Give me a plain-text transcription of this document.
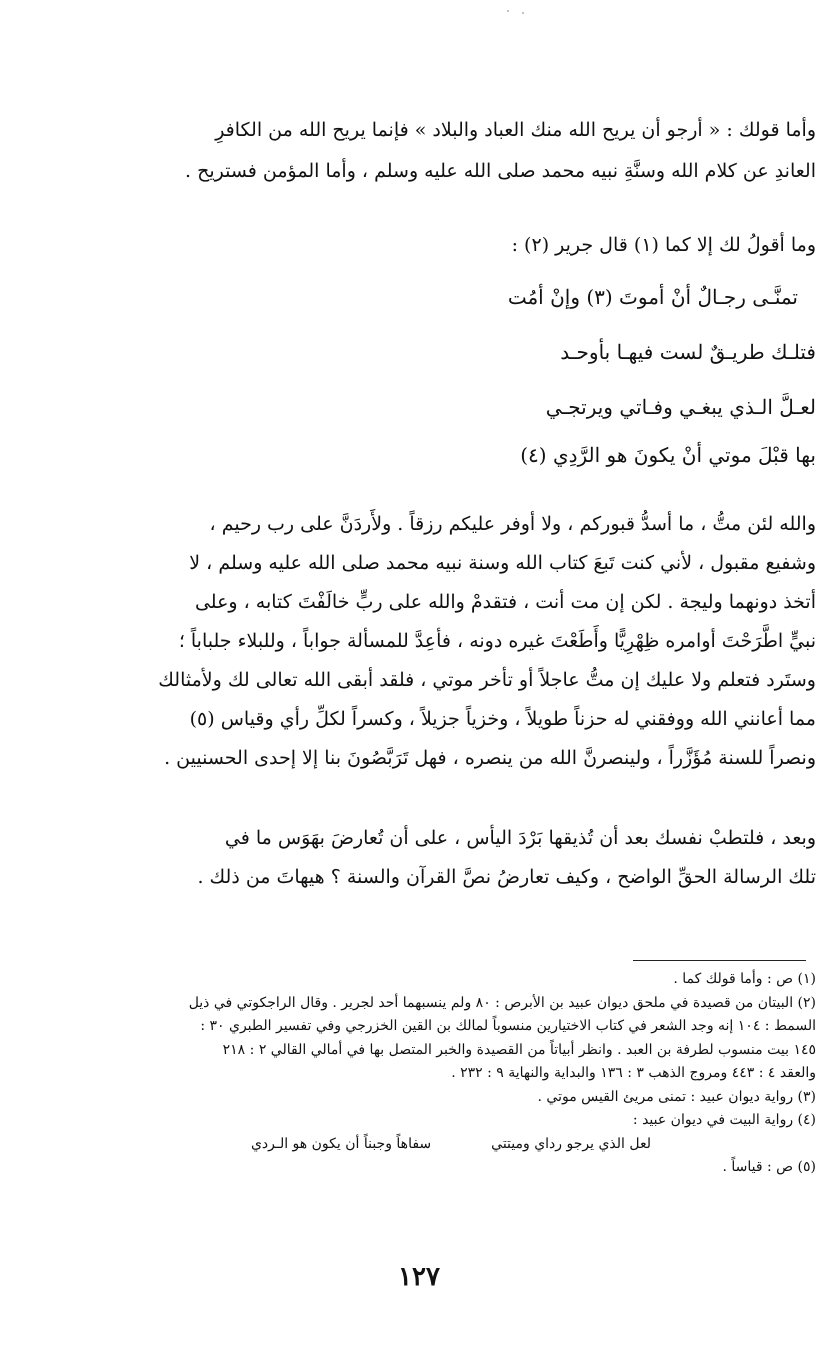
وأما قولك : « أرجو أن يريح الله منك العباد والبلاد » فإنما يريح الله من الكافرِ
العاندِ عن كلام الله وسنَّةِ نبيه محمد صلى الله عليه وسلم ، وأما المؤمن فستريح .

وما أقولُ لك إلا كما (١) قال جرير (٢) :

تمنَّـى رجـالٌ أنْ أموتَ (٣) وإنْ أمُت

فتلـك طريـقٌ لست فيهـا بأوحـد

لعـلَّ الـذي يبغـي وفـاتي ويرتجـي

بها قبْلَ موتي أنْ يكونَ هو الرَّدِي (٤)

والله لئن متُّ ، ما أسدُّ قبوركم ، ولا أوفر عليكم رزقاً . ولأَردَنَّ على رب رحيم ،
وشفيع مقبول ، لأني كنت تَبعَ كتاب الله وسنة نبيه محمد صلى الله عليه وسلم ، لا
أتخذ دونهما وليجة . لكن إن مت أنت ، فتقدمْ والله على ربٍّ خالَفْتَ كتابه ، وعلى
نبيٍّ اطَّرَحْتَ أوامره ظِهْرِيًّا وأَطَعْتَ غيره دونه ، فأعِدَّ للمسألة جواباً ، وللبلاء جلباباً ؛
وستَرد فتعلم ولا عليك إن متُّ عاجلاً أو تأخر موتي ، فلقد أبقى الله تعالى لك ولأمثالك
مما أعانني الله ووفقني له حزناً طويلاً ، وخزياً جزيلاً ، وكسراً لكلِّ رأي وقياس (٥)
ونصراً للسنة مُؤَزَّراً ، ولينصرنَّ الله من ينصره ، فهل تَرَبَّصُونَ بنا إلا إحدى الحسنيين .

وبعد ، فلتطبْ نفسك بعد أن تُذيقها بَرْدَ اليأس ، على أن تُعارضَ بهَوَس ما في
تلك الرسالة الحقِّ الواضح ، وكيف تعارضُ نصَّ القرآن والسنة ؟ هيهاتَ من ذلك .

(١) ص : وأما قولك كما .
(٢) البيتان من قصيدة في ملحق ديوان عبيد بن الأبرص : ٨٠ ولم ينسبهما أحد لجرير . وقال الراجكوتي في ذيل
السمط : ١٠٤ إنه وجد الشعر في كتاب الاختيارين منسوباً لمالك بن القين الخزرجي وفي تفسير الطبري ٣٠ :
١٤٥ بيت منسوب لطرفة بن العبد . وانظر أبياتاً من القصيدة والخبر المتصل بها في أمالي القالي ٢ : ٢١٨
والعقد ٤ : ٤٤٣ ومروج الذهب ٣ : ١٣٦ والبداية والنهاية ٩ : ٢٣٢ .
(٣) رواية ديوان عبيد : تمنى مريئ القيس موتي .
(٤) رواية البيت في ديوان عبيد :
لعل الذي يرجو رداي وميتتيسفاهاً وجبناً أن يكون هو الـردي
(٥) ص : قياساً .
١٢٧
